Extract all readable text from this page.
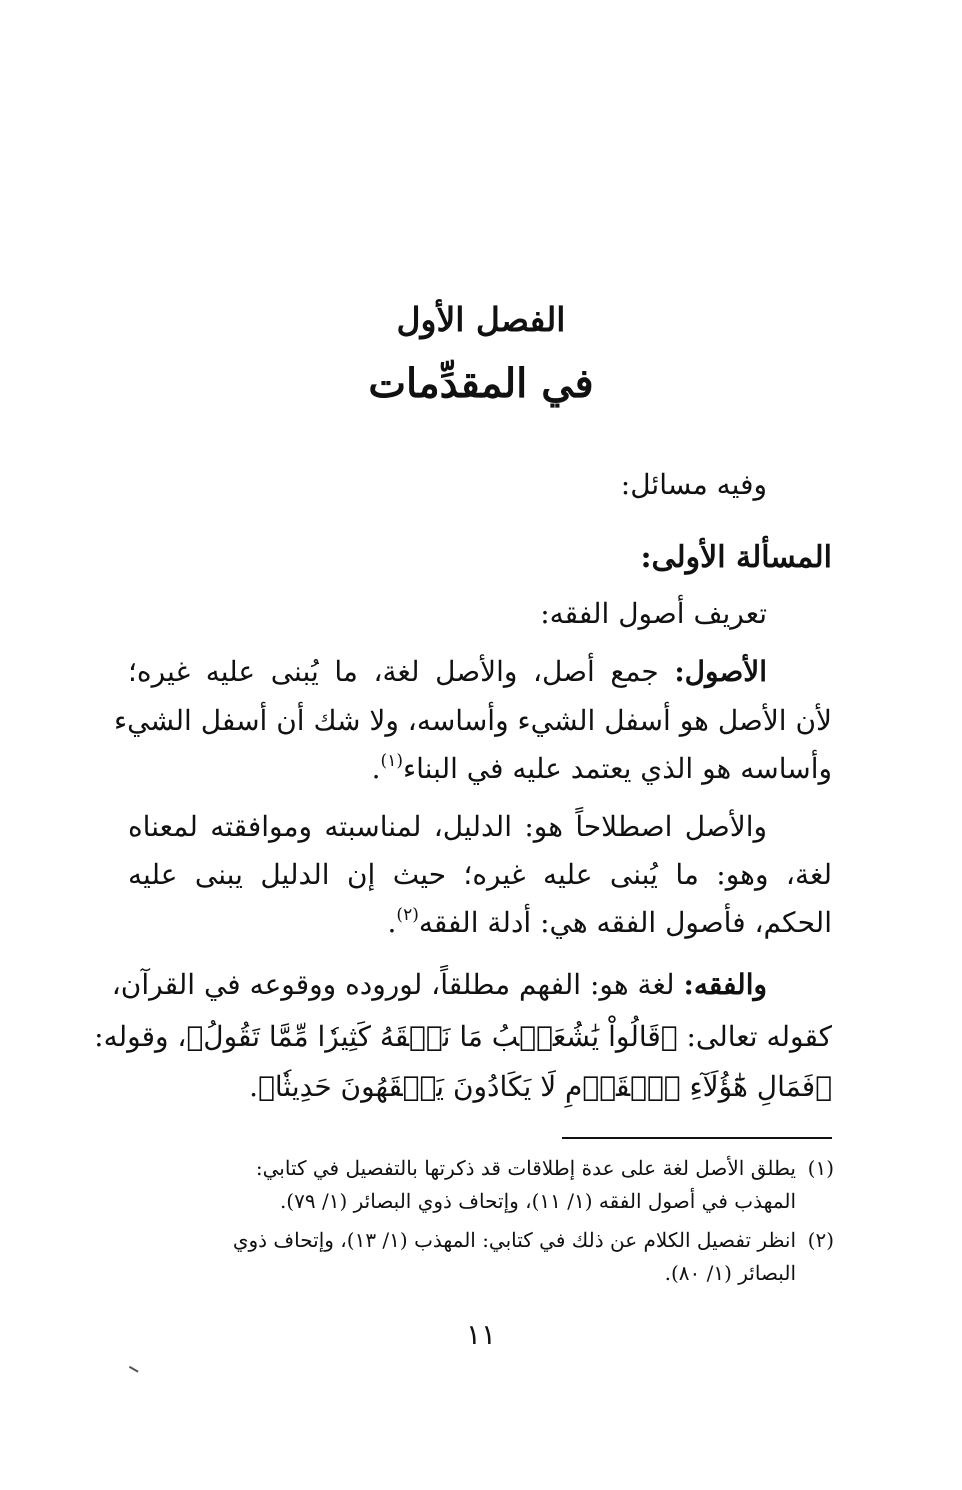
الفصل الأول
في المقدِّمات
وفيه مسائل:
المسألة الأولى:
تعريف أصول الفقه:
الأصول: جمع أصل، والأصل لغة، ما يُبنى عليه غيره؛
لأن الأصل هو أسفل الشيء وأساسه، ولا شك أن أسفل الشيء
وأساسه هو الذي يعتمد عليه في البناء$^{(١)}$.
والأصل اصطلاحاً هو: الدليل، لمناسبته وموافقته لمعناه
لغة، وهو: ما يُبنى عليه غيره؛ حيث إن الدليل يبنى عليه
الحكم، فأصول الفقه هي: أدلة الفقه$^{(٢)}$.
والفقه: لغة هو: الفهم مطلقاً، لوروده ووقوعه في القرآن،
كقوله تعالى: ﴿قَالُواْ يَٰشُعَيۡبُ مَا نَفۡقَهُ كَثِيرٗا مِّمَّا تَقُولُ﴾، وقوله:
﴿فَمَالِ هَٰٓؤُلَآءِ ٱلۡقَوۡمِ لَا يَكَادُونَ يَفۡقَهُونَ حَدِيثٗا﴾.
(١)يطلق الأصل لغة على عدة إطلاقات قد ذكرتها بالتفصيل في كتابي:
المهذب في أصول الفقه (١/ ١١)، وإتحاف ذوي البصائر (١/ ٧٩).
(٢)انظر تفصيل الكلام عن ذلك في كتابي: المهذب (١/ ١٣)، وإتحاف ذوي
البصائر (١/ ٨٠).
١١
